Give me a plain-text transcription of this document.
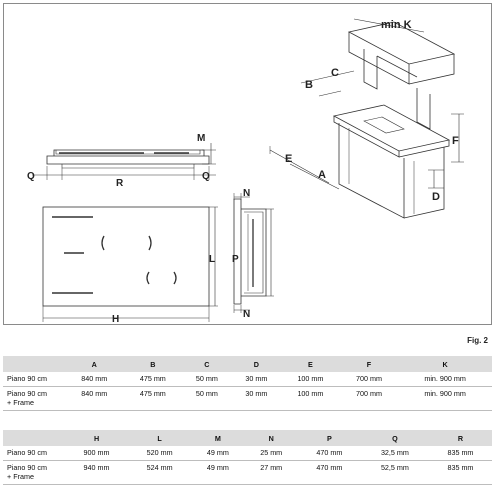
M
Q
R
Q
H
L
N
N
P
min K
B
C
E
A
F
D
Fig. 2
	A	B	C	D	E	F	K
Piano 90 cm	840 mm	475 mm	50 mm	30 mm	100 mm	700 mm	min. 900 mm
Piano 90 cm
+ Frame	840 mm	475 mm	50 mm	30 mm	100 mm	700 mm	min. 900 mm
	H	L	M	N	P	Q	R
Piano 90 cm	900 mm	520 mm	49 mm	25 mm	470 mm	32,5 mm	835 mm
Piano 90 cm
+ Frame	940 mm	524 mm	49 mm	27 mm	470 mm	52,5 mm	835 mm
